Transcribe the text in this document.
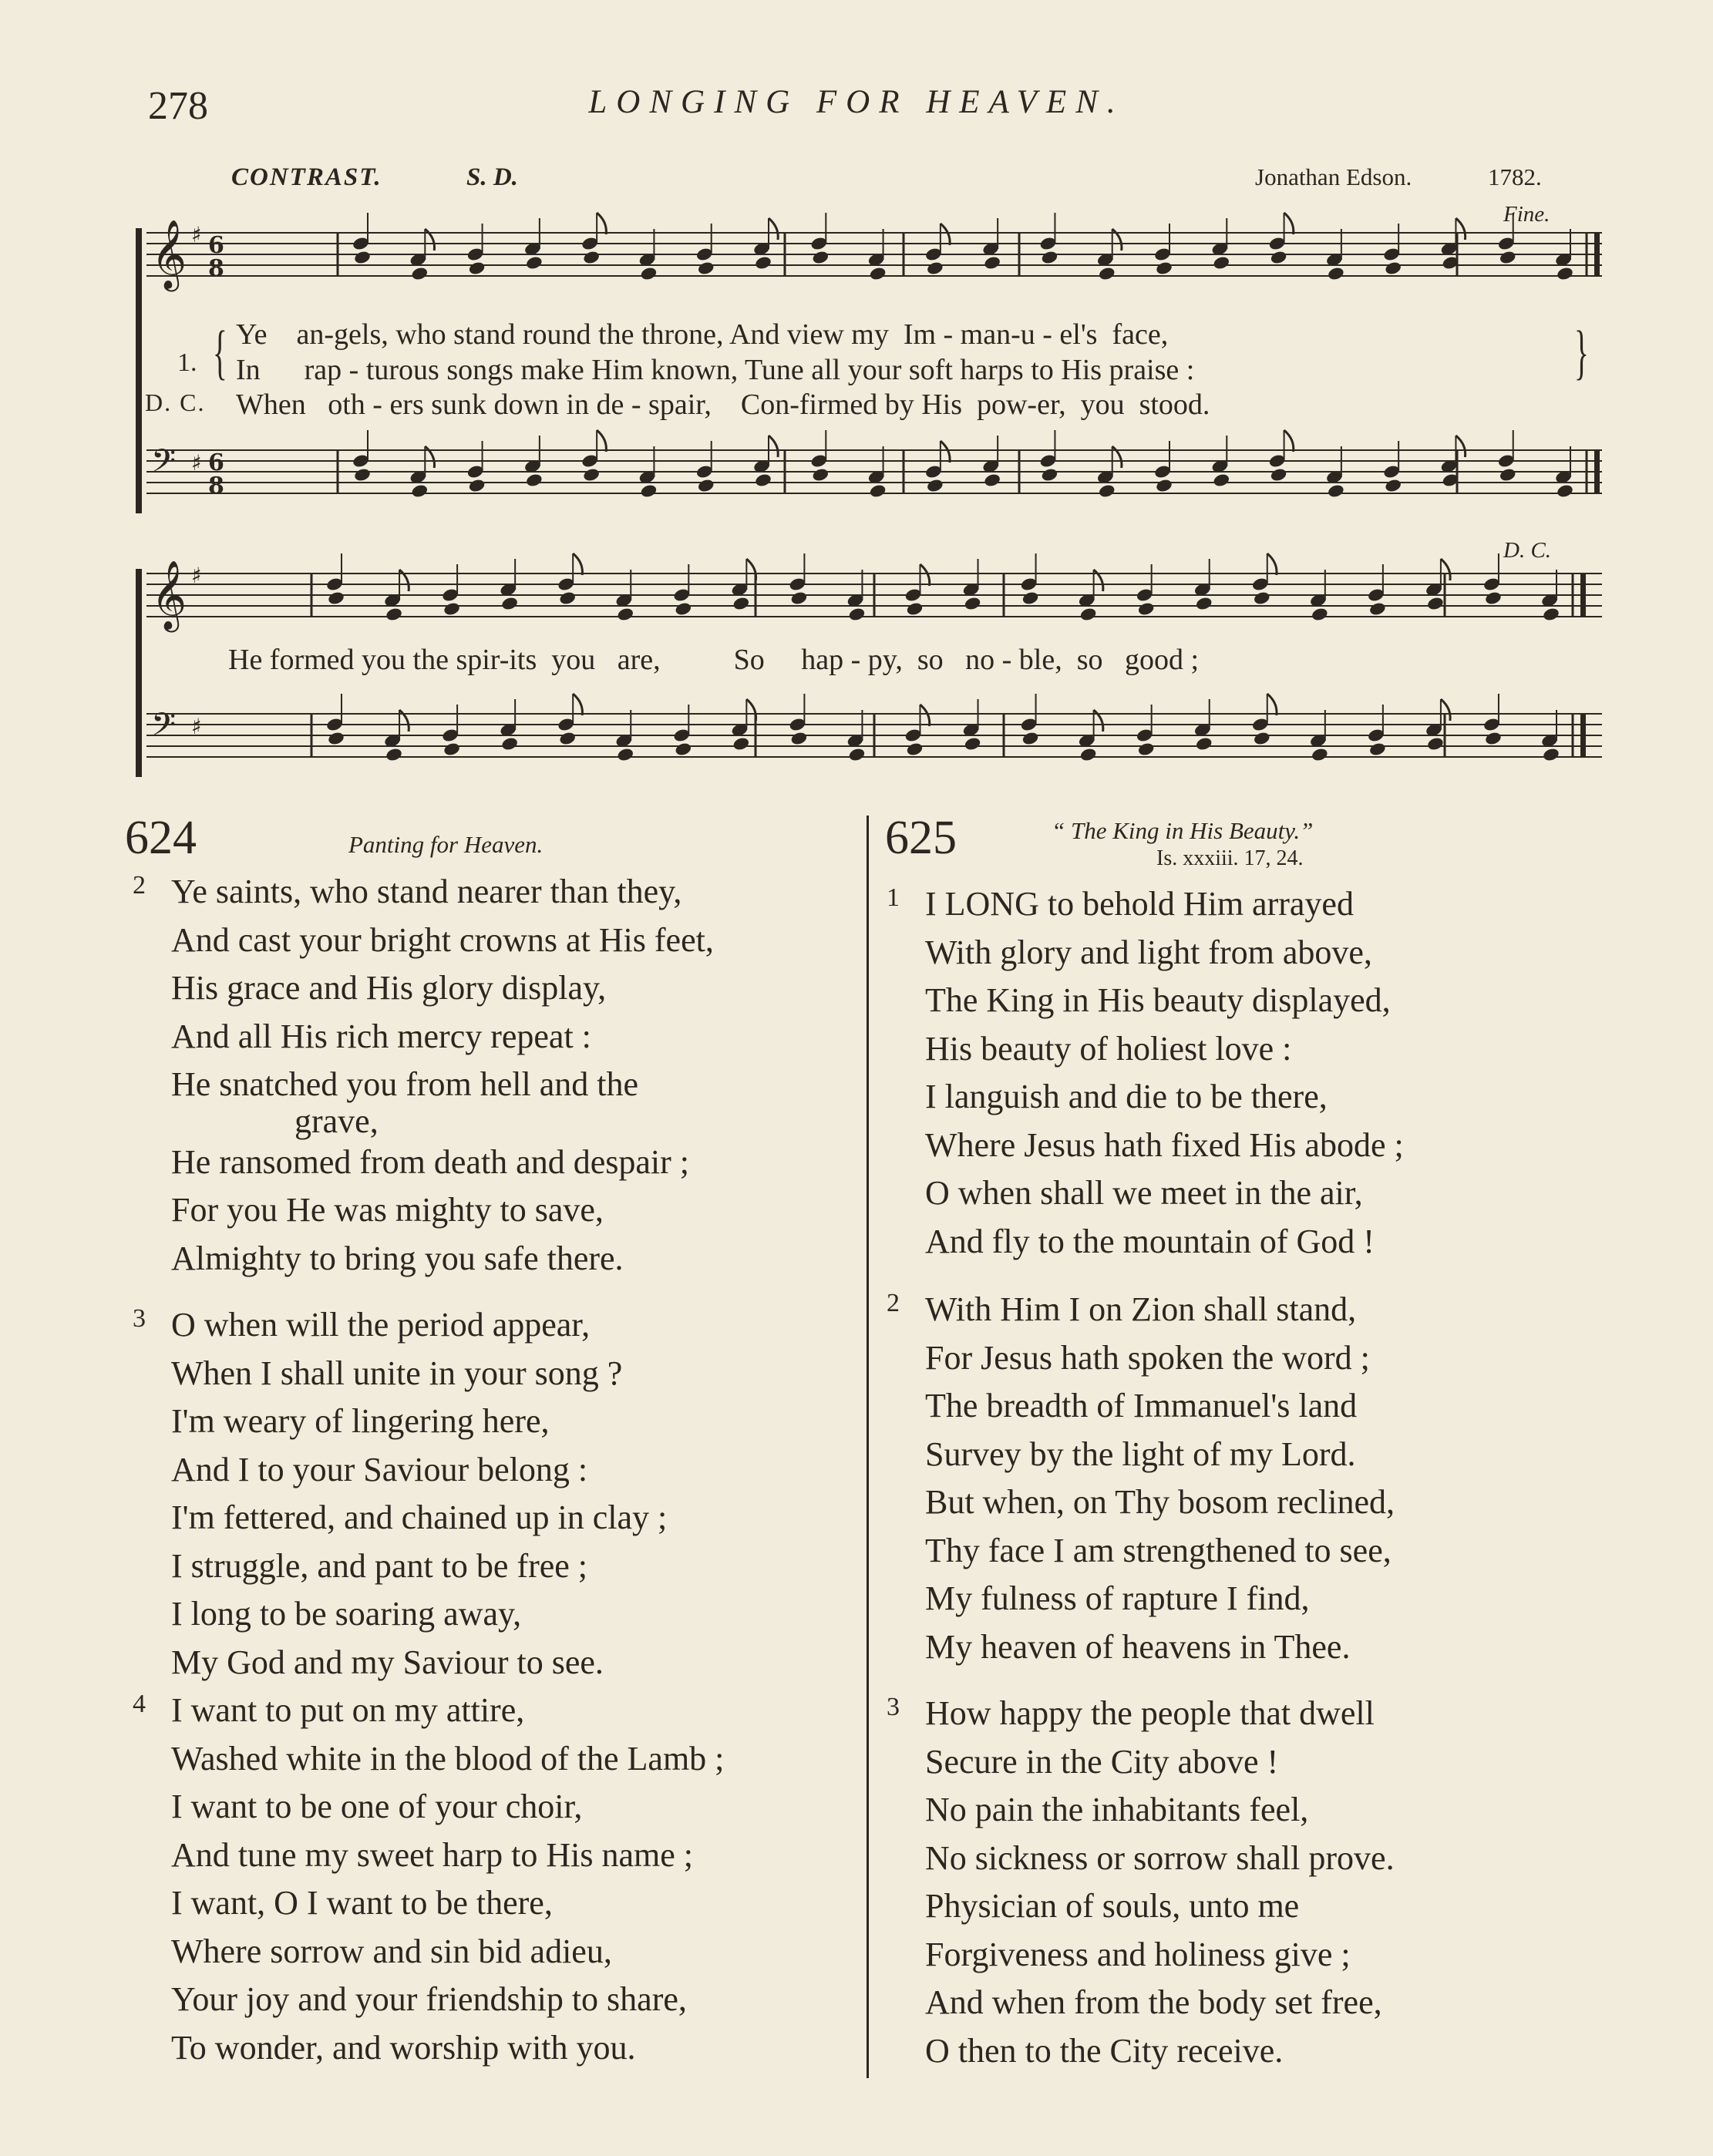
278	LONGING FOR HEAVEN.
CONTRAST.	S. D.	Jonathan Edson.	1782.
Fine.
D. C.
𝄞 ♯ 6
8
𝄢 ♯ 6
8
𝄞 ♯
𝄢 ♯
1. {	}
Ye    an-gels, who stand round the throne, And view my  Im - man-u - el's  face,
In      rap - turous songs make Him known, Tune all your soft harps to His praise :
D. C. When   oth - ers sunk down in de - spair,    Con-firmed by His  pow-er,  you  stood.
He formed you the spir-its  you   are,          So     hap - py,  so   no - ble,  so   good ;
624	Panting for Heaven.
2 Ye saints, who stand nearer than they,
And cast your bright crowns at His feet,
His grace and His glory display,
And all His rich mercy repeat :
He snatched you from hell and the
grave,
He ransomed from death and despair ;
For you He was mighty to save,
Almighty to bring you safe there.
3 O when will the period appear,
When I shall unite in your song ?
I'm weary of lingering here,
And I to your Saviour belong :
I'm fettered, and chained up in clay ;
I struggle, and pant to be free ;
I long to be soaring away,
My God and my Saviour to see.
4 I want to put on my attire,
Washed white in the blood of the Lamb ;
I want to be one of your choir,
And tune my sweet harp to His name ;
I want, O I want to be there,
Where sorrow and sin bid adieu,
Your joy and your friendship to share,
To wonder, and worship with you.
625	“ The King in His Beauty.”
Is. xxxiii. 17, 24.
1 I LONG to behold Him arrayed
With glory and light from above,
The King in His beauty displayed,
His beauty of holiest love :
I languish and die to be there,
Where Jesus hath fixed His abode ;
O when shall we meet in the air,
And fly to the mountain of God !
2 With Him I on Zion shall stand,
For Jesus hath spoken the word ;
The breadth of Immanuel's land
Survey by the light of my Lord.
But when, on Thy bosom reclined,
Thy face I am strengthened to see,
My fulness of rapture I find,
My heaven of heavens in Thee.
3 How happy the people that dwell
Secure in the City above !
No pain the inhabitants feel,
No sickness or sorrow shall prove.
Physician of souls, unto me
Forgiveness and holiness give ;
And when from the body set free,
O then to the City receive.
